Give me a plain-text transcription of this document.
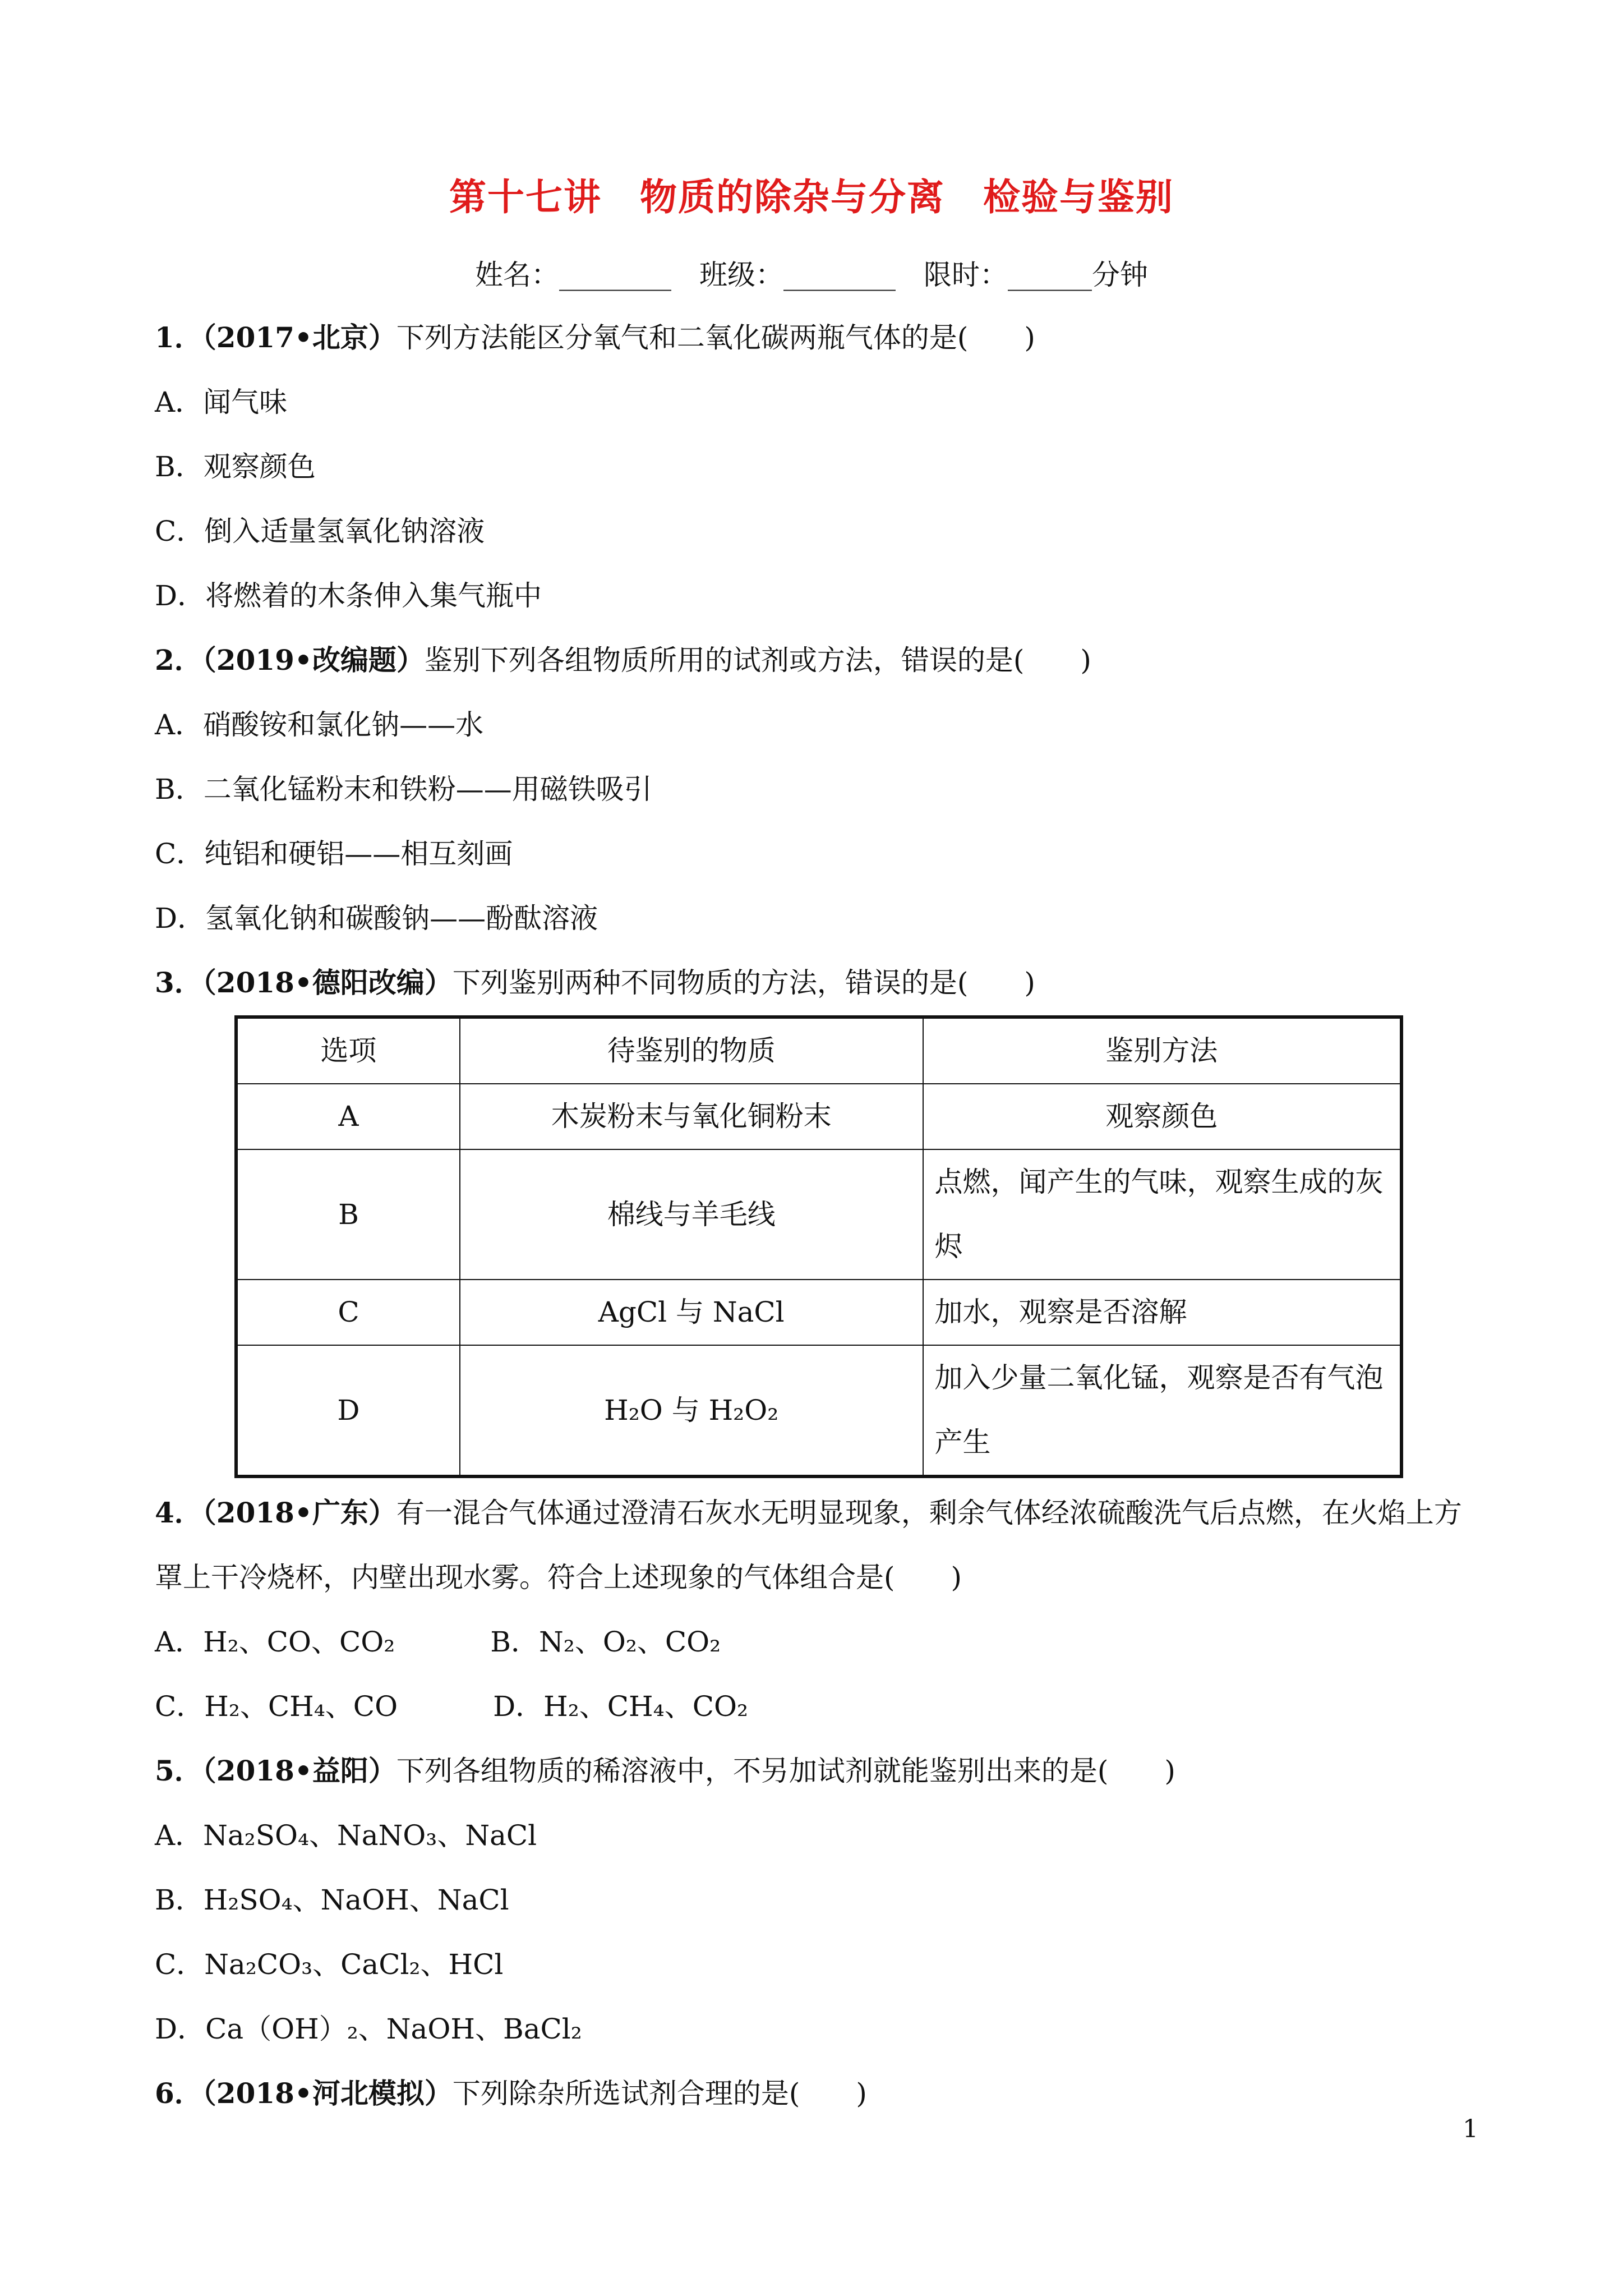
第十七讲　物质的除杂与分离　检验与鉴别
姓名：________　班级：________　限时：______分钟
1．（2017•北京）下列方法能区分氧气和二氧化碳两瓶气体的是(　　)
A．闻气味
B．观察颜色
C．倒入适量氢氧化钠溶液
D．将燃着的木条伸入集气瓶中
2．（2019•改编题）鉴别下列各组物质所用的试剂或方法，错误的是(　　)
A．硝酸铵和氯化钠——水
B．二氧化锰粉末和铁粉——用磁铁吸引
C．纯铝和硬铝——相互刻画
D．氢氧化钠和碳酸钠——酚酞溶液
3．（2018•德阳改编）下列鉴别两种不同物质的方法，错误的是(　　)
选项	待鉴别的物质	鉴别方法
A	木炭粉末与氧化铜粉末	观察颜色
B	棉线与羊毛线	点燃，闻产生的气味，观察生成的灰烬
C	AgCl 与 NaCl	加水，观察是否溶解
D	H₂O 与 H₂O₂	加入少量二氧化锰，观察是否有气泡产生
4．（2018•广东）有一混合气体通过澄清石灰水无明显现象，剩余气体经浓硫酸洗气后点燃，在火焰上方
罩上干冷烧杯，内壁出现水雾。符合上述现象的气体组合是(　　)
A．H₂、CO、CO₂	B．N₂、O₂、CO₂
C．H₂、CH₄、CO	D．H₂、CH₄、CO₂
5．（2018•益阳）下列各组物质的稀溶液中，不另加试剂就能鉴别出来的是(　　)
A．Na₂SO₄、NaNO₃、NaCl
B．H₂SO₄、NaOH、NaCl
C．Na₂CO₃、CaCl₂、HCl
D．Ca（OH）₂、NaOH、BaCl₂
6．（2018•河北模拟）下列除杂所选试剂合理的是(　　)
1
